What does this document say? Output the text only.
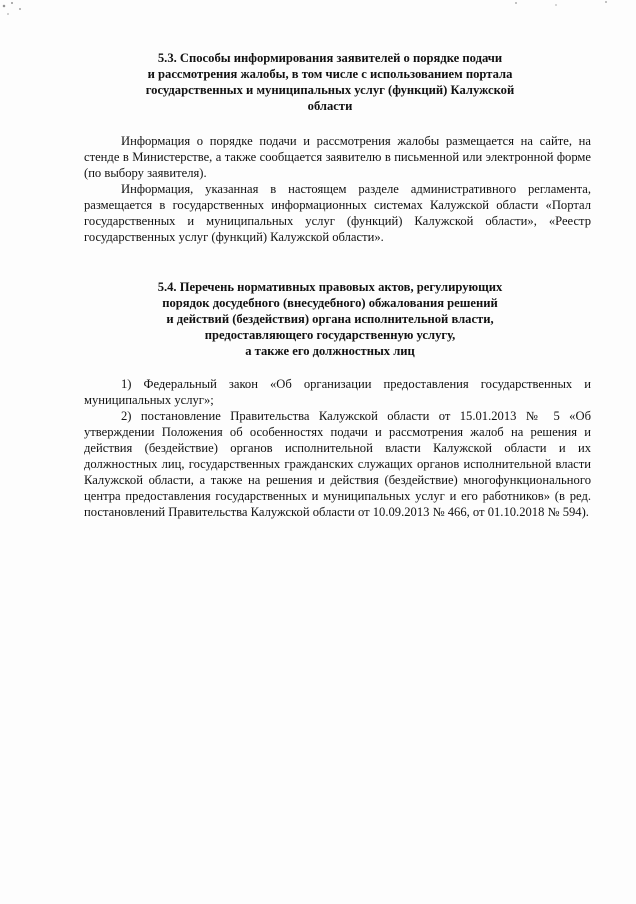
5.3. Способы информирования заявителей о порядке подачи
и рассмотрения жалобы, в том числе с использованием портала
государственных и муниципальных услуг (функций) Калужской
области

Информация о порядке подачи и рассмотрения жалобы размещается на сайте, на стенде в Министерстве, а также сообщается заявителю в письменной или электронной форме (по выбору заявителя).

Информация, указанная в настоящем разделе административного регламента, размещается в государственных информационных системах Калужской области «Портал государственных и муниципальных услуг (функций) Калужской области», «Реестр государственных услуг (функций) Калужской области».

5.4. Перечень нормативных правовых актов, регулирующих
порядок досудебного (внесудебного) обжалования решений
и действий (бездействия) органа исполнительной власти,
предоставляющего государственную услугу,
а также его должностных лиц

1) Федеральный закон «Об организации предоставления государственных и муниципальных услуг»;

2) постановление Правительства Калужской области от 15.01.2013 № 5 «Об утверждении Положения об особенностях подачи и рассмотрения жалоб на решения и действия (бездействие) органов исполнительной власти Калужской области и их должностных лиц, государственных гражданских служащих органов исполнительной власти Калужской области, а также на решения и действия (бездействие) многофункционального центра предоставления государственных и муниципальных услуг и его работников» (в ред. постановлений Правительства Калужской области от 10.09.2013 № 466, от 01.10.2018 № 594).
